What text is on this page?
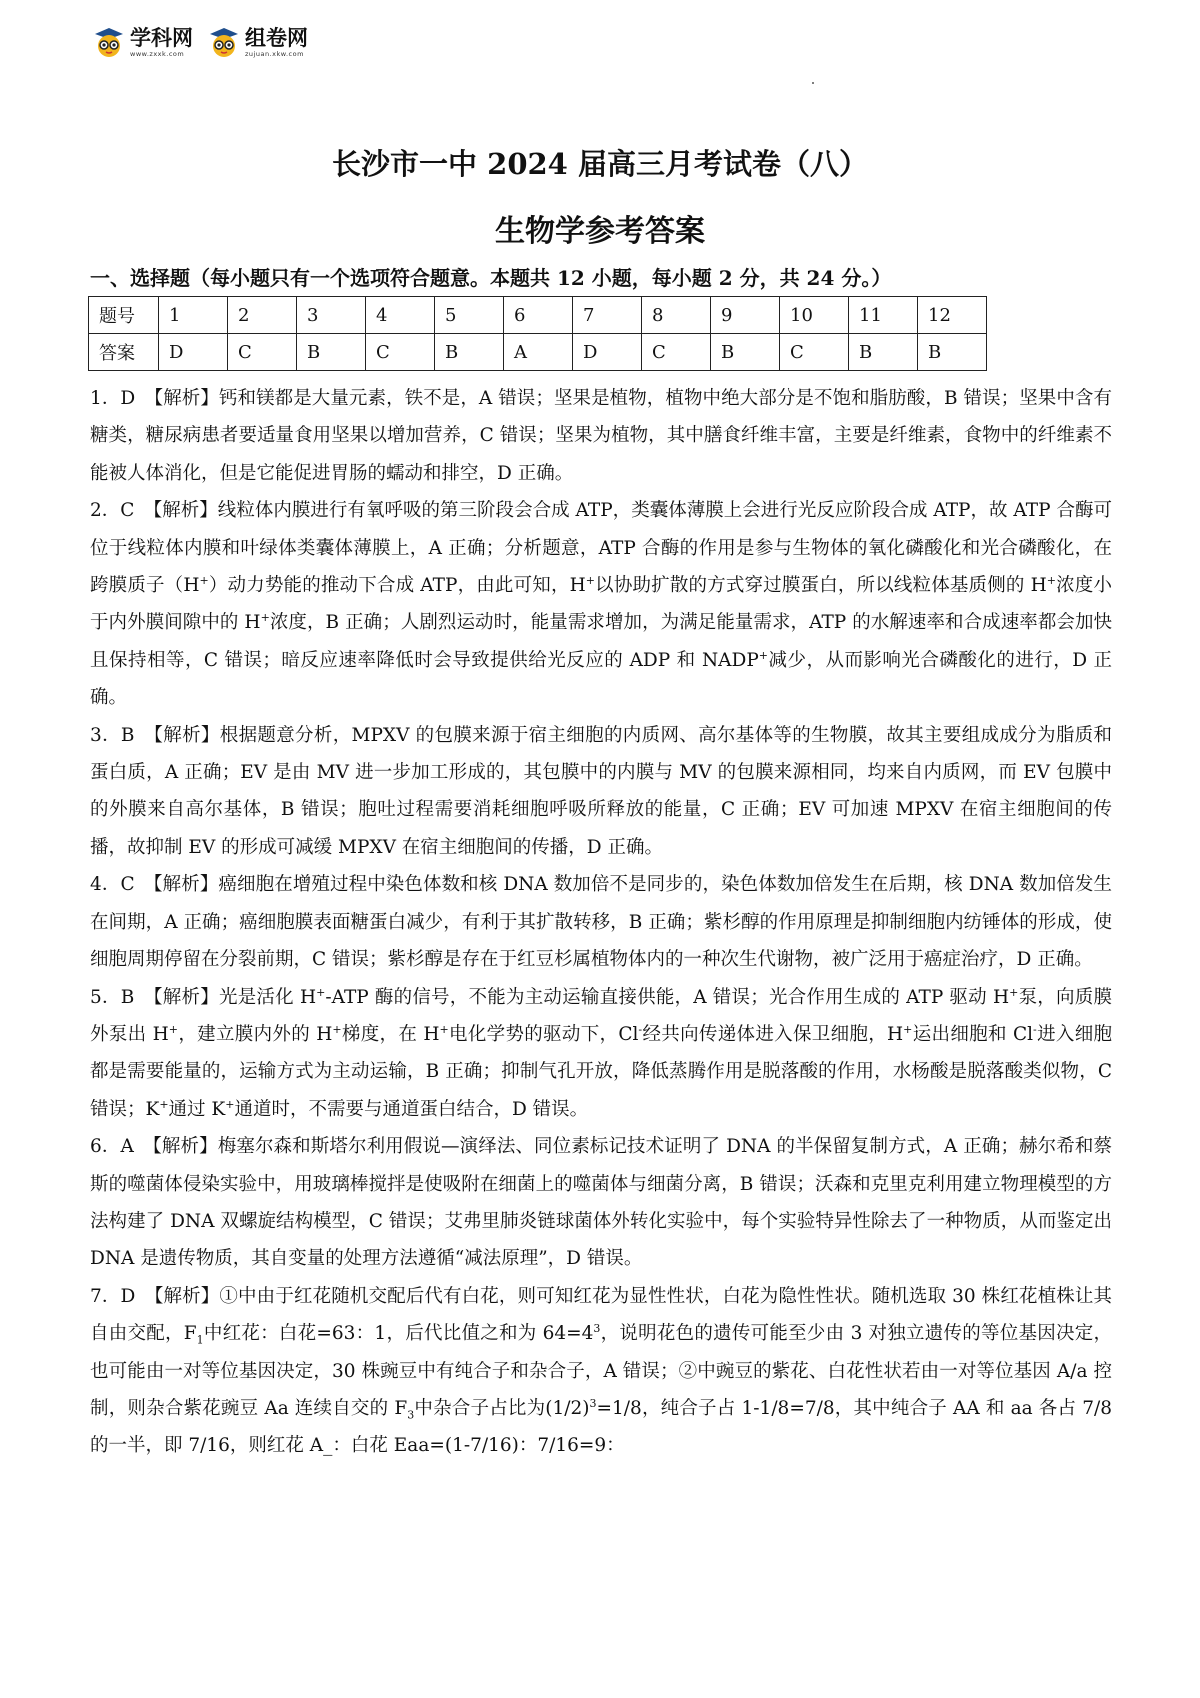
学科网
www.zxxk.com
组卷网
zujuan.xkw.com
长沙市一中 2024 届高三月考试卷（八）
生物学参考答案
一、选择题（每小题只有一个选项符合题意。本题共 12 小题，每小题 2 分，共 24 分。）
题号	1	2	3	4	5	6	7	8	9	10	11	12
答案	D	C	B	C	B	A	D	C	B	C	B	B

1．D　【解析】钙和镁都是大量元素，铁不是，A 错误；坚果是植物，植物中绝大部分是不饱和脂肪酸，B 错误；坚果中含有糖类，糖尿病患者要适量食用坚果以增加营养，C 错误；坚果为植物，其中膳食纤维丰富，主要是纤维素，食物中的纤维素不能被人体消化，但是它能促进胃肠的蠕动和排空，D 正确。

2．C　【解析】线粒体内膜进行有氧呼吸的第三阶段会合成 ATP，类囊体薄膜上会进行光反应阶段合成 ATP，故 ATP 合酶可位于线粒体内膜和叶绿体类囊体薄膜上，A 正确；分析题意，ATP 合酶的作用是参与生物体的氧化磷酸化和光合磷酸化，在跨膜质子（H+）动力势能的推动下合成 ATP，由此可知，H+以协助扩散的方式穿过膜蛋白，所以线粒体基质侧的 H+浓度小于内外膜间隙中的 H+浓度，B 正确；人剧烈运动时，能量需求增加，为满足能量需求，ATP 的水解速率和合成速率都会加快且保持相等，C 错误；暗反应速率降低时会导致提供给光反应的 ADP 和 NADP+减少，从而影响光合磷酸化的进行，D 正确。

3．B　【解析】根据题意分析，MPXV 的包膜来源于宿主细胞的内质网、高尔基体等的生物膜，故其主要组成成分为脂质和蛋白质，A 正确；EV 是由 MV 进一步加工形成的，其包膜中的内膜与 MV 的包膜来源相同，均来自内质网，而 EV 包膜中的外膜来自高尔基体，B 错误；胞吐过程需要消耗细胞呼吸所释放的能量，C 正确；EV 可加速 MPXV 在宿主细胞间的传播，故抑制 EV 的形成可减缓 MPXV 在宿主细胞间的传播，D 正确。

4．C　【解析】癌细胞在增殖过程中染色体数和核 DNA 数加倍不是同步的，染色体数加倍发生在后期，核 DNA 数加倍发生在间期，A 正确；癌细胞膜表面糖蛋白减少，有利于其扩散转移，B 正确；紫杉醇的作用原理是抑制细胞内纺锤体的形成，使细胞周期停留在分裂前期，C 错误；紫杉醇是存在于红豆杉属植物体内的一种次生代谢物，被广泛用于癌症治疗，D 正确。

5．B　【解析】光是活化 H+-ATP 酶的信号，不能为主动运输直接供能，A 错误；光合作用生成的 ATP 驱动 H+泵，向质膜外泵出 H+，建立膜内外的 H+梯度，在 H+电化学势的驱动下，Cl-经共向传递体进入保卫细胞，H+运出细胞和 Cl-进入细胞都是需要能量的，运输方式为主动运输，B 正确；抑制气孔开放，降低蒸腾作用是脱落酸的作用，水杨酸是脱落酸类似物，C 错误；K+通过 K+通道时，不需要与通道蛋白结合，D 错误。

6．A　【解析】梅塞尔森和斯塔尔利用假说—演绎法、同位素标记技术证明了 DNA 的半保留复制方式，A 正确；赫尔希和蔡斯的噬菌体侵染实验中，用玻璃棒搅拌是使吸附在细菌上的噬菌体与细菌分离，B 错误；沃森和克里克利用建立物理模型的方法构建了 DNA 双螺旋结构模型，C 错误；艾弗里肺炎链球菌体外转化实验中，每个实验特异性除去了一种物质，从而鉴定出 DNA 是遗传物质，其自变量的处理方法遵循“减法原理”，D 错误。

7．D　【解析】①中由于红花随机交配后代有白花，则可知红花为显性性状，白花为隐性性状。随机选取 30 株红花植株让其自由交配，$F_1$中红花：白花=63：1，后代比值之和为 $64=4^3$，说明花色的遗传可能至少由 3 对独立遗传的等位基因决定，也可能由一对等位基因决定，30 株豌豆中有纯合子和杂合子，A 错误；②中豌豆的紫花、白花性状若由一对等位基因 A/a 控制，则杂合紫花豌豆 Aa 连续自交的 $F_3$中杂合子占比为$(1/2)^3=1/8$，纯合子占 1-1/8=7/8，其中纯合子 AA 和 aa 各占 7/8 的一半，即 7/16，则红花 A_：白花 Eaa=(1-7/16)：7/16=9：
